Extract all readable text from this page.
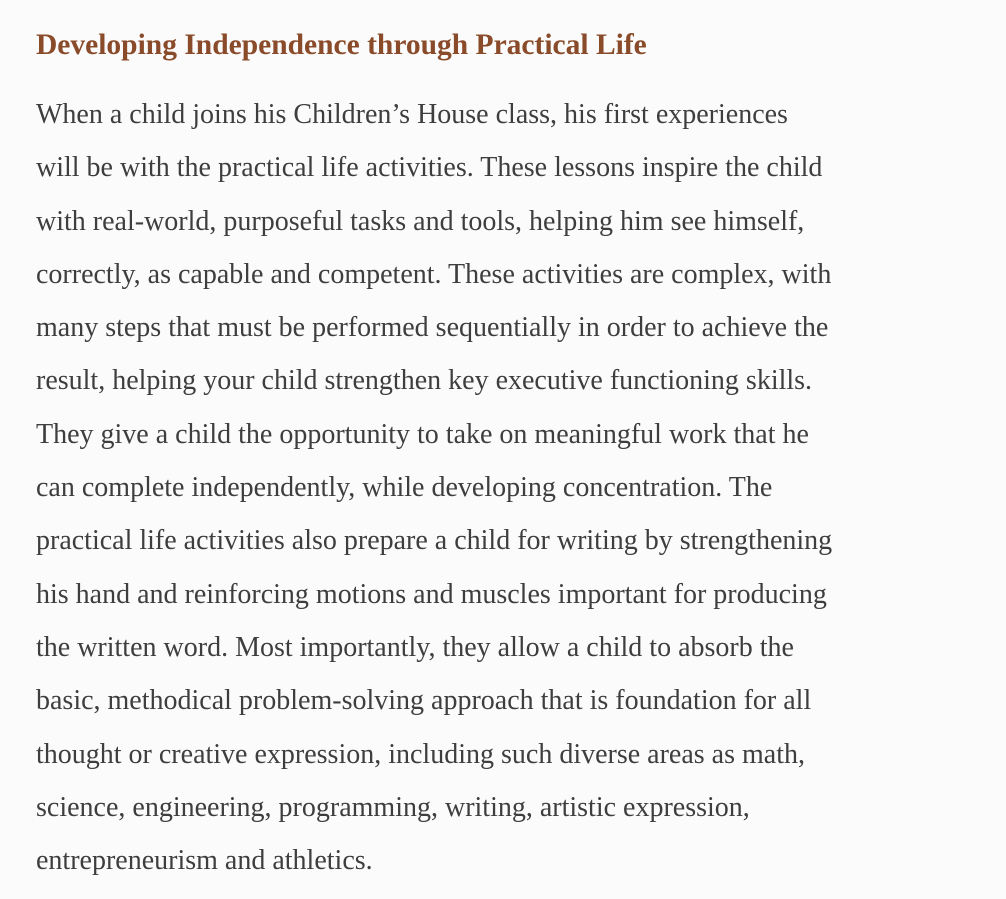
Developing Independence through Practical Life
When a child joins his Children’s House class, his first experiences
will be with the practical life activities. These lessons inspire the child
with real-world, purposeful tasks and tools, helping him see himself,
correctly, as capable and competent. These activities are complex, with
many steps that must be performed sequentially in order to achieve the
result, helping your child strengthen key executive functioning skills.
They give a child the opportunity to take on meaningful work that he
can complete independently, while developing concentration. The
practical life activities also prepare a child for writing by strengthening
his hand and reinforcing motions and muscles important for producing
the written word. Most importantly, they allow a child to absorb the
basic, methodical problem-solving approach that is foundation for all
thought or creative expression, including such diverse areas as math,
science, engineering, programming, writing, artistic expression,
entrepreneurism and athletics.
